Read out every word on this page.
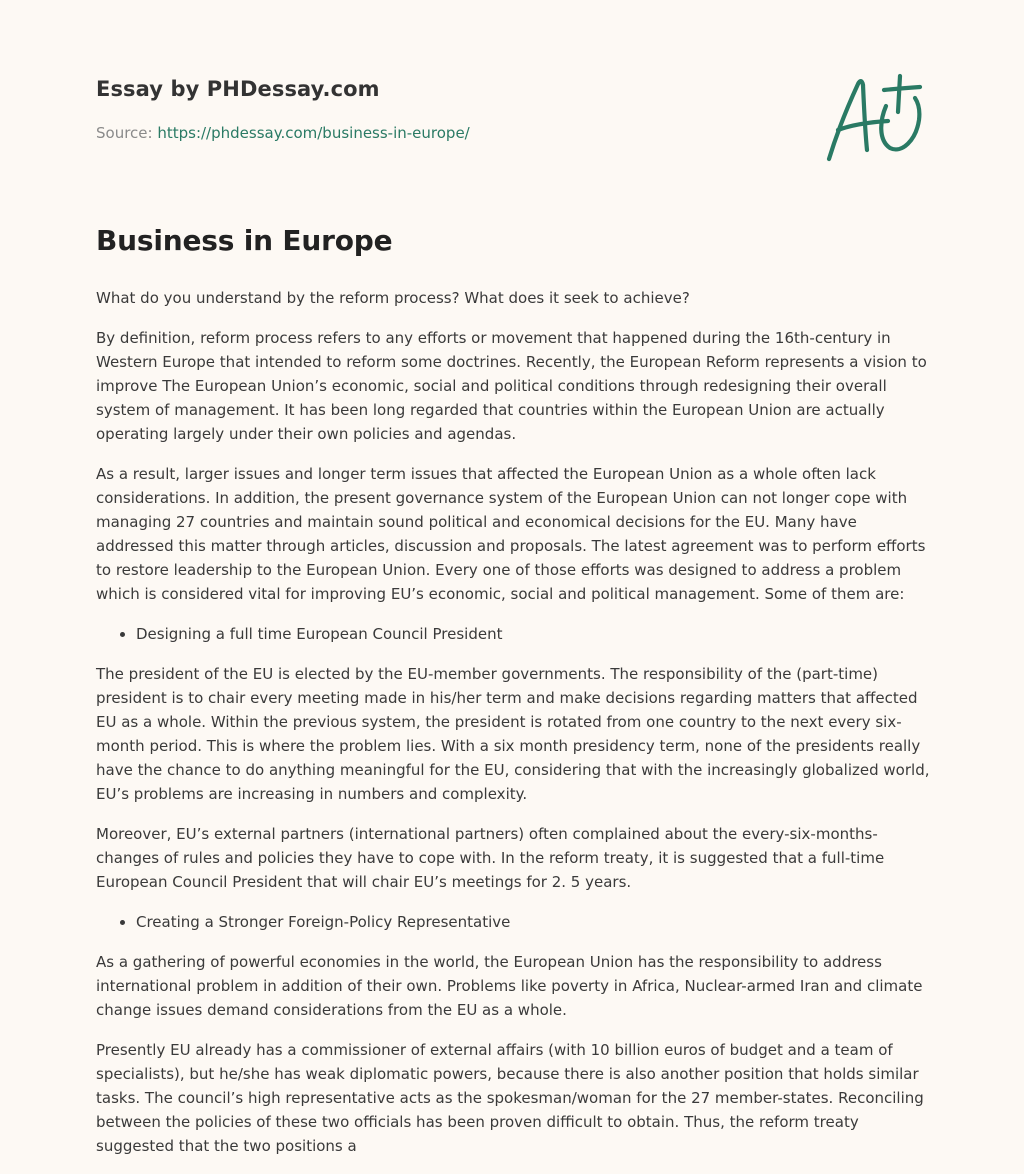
Essay by PHDessay.com

Source: https://phdessay.com/business-in-europe/

Business in Europe

What do you understand by the reform process? What does it seek to achieve?

By definition, reform process refers to any efforts or movement that happened during the 16th-century in Western Europe that intended to reform some doctrines. Recently, the European Reform represents a vision to improve The European Union’s economic, social and political conditions through redesigning their overall system of management. It has been long regarded that countries within the European Union are actually operating largely under their own policies and agendas.

As a result, larger issues and longer term issues that affected the European Union as a whole often lack considerations. In addition, the present governance system of the European Union can not longer cope with managing 27 countries and maintain sound political and economical decisions for the EU. Many have addressed this matter through articles, discussion and proposals. The latest agreement was to perform efforts to restore leadership to the European Union. Every one of those efforts was designed to address a problem which is considered vital for improving EU’s economic, social and political management. Some of them are:

• Designing a full time European Council President

The president of the EU is elected by the EU-member governments. The responsibility of the (part-time) president is to chair every meeting made in his/her term and make decisions regarding matters that affected EU as a whole. Within the previous system, the president is rotated from one country to the next every six-month period. This is where the problem lies. With a six month presidency term, none of the presidents really have the chance to do anything meaningful for the EU, considering that with the increasingly globalized world, EU’s problems are increasing in numbers and complexity.

Moreover, EU’s external partners (international partners) often complained about the every-six-months-changes of rules and policies they have to cope with. In the reform treaty, it is suggested that a full-time European Council President that will chair EU’s meetings for 2. 5 years.

• Creating a Stronger Foreign-Policy Representative

As a gathering of powerful economies in the world, the European Union has the responsibility to address international problem in addition of their own. Problems like poverty in Africa, Nuclear-armed Iran and climate change issues demand considerations from the EU as a whole.

Presently EU already has a commissioner of external affairs (with 10 billion euros of budget and a team of specialists), but he/she has weak diplomatic powers, because there is also another position that holds similar tasks. The council’s high representative acts as the spokesman/woman for the 27 member-states. Reconciling between the policies of these two officials has been proven difficult to obtain. Thus, the reform treaty suggested that the two positions a
